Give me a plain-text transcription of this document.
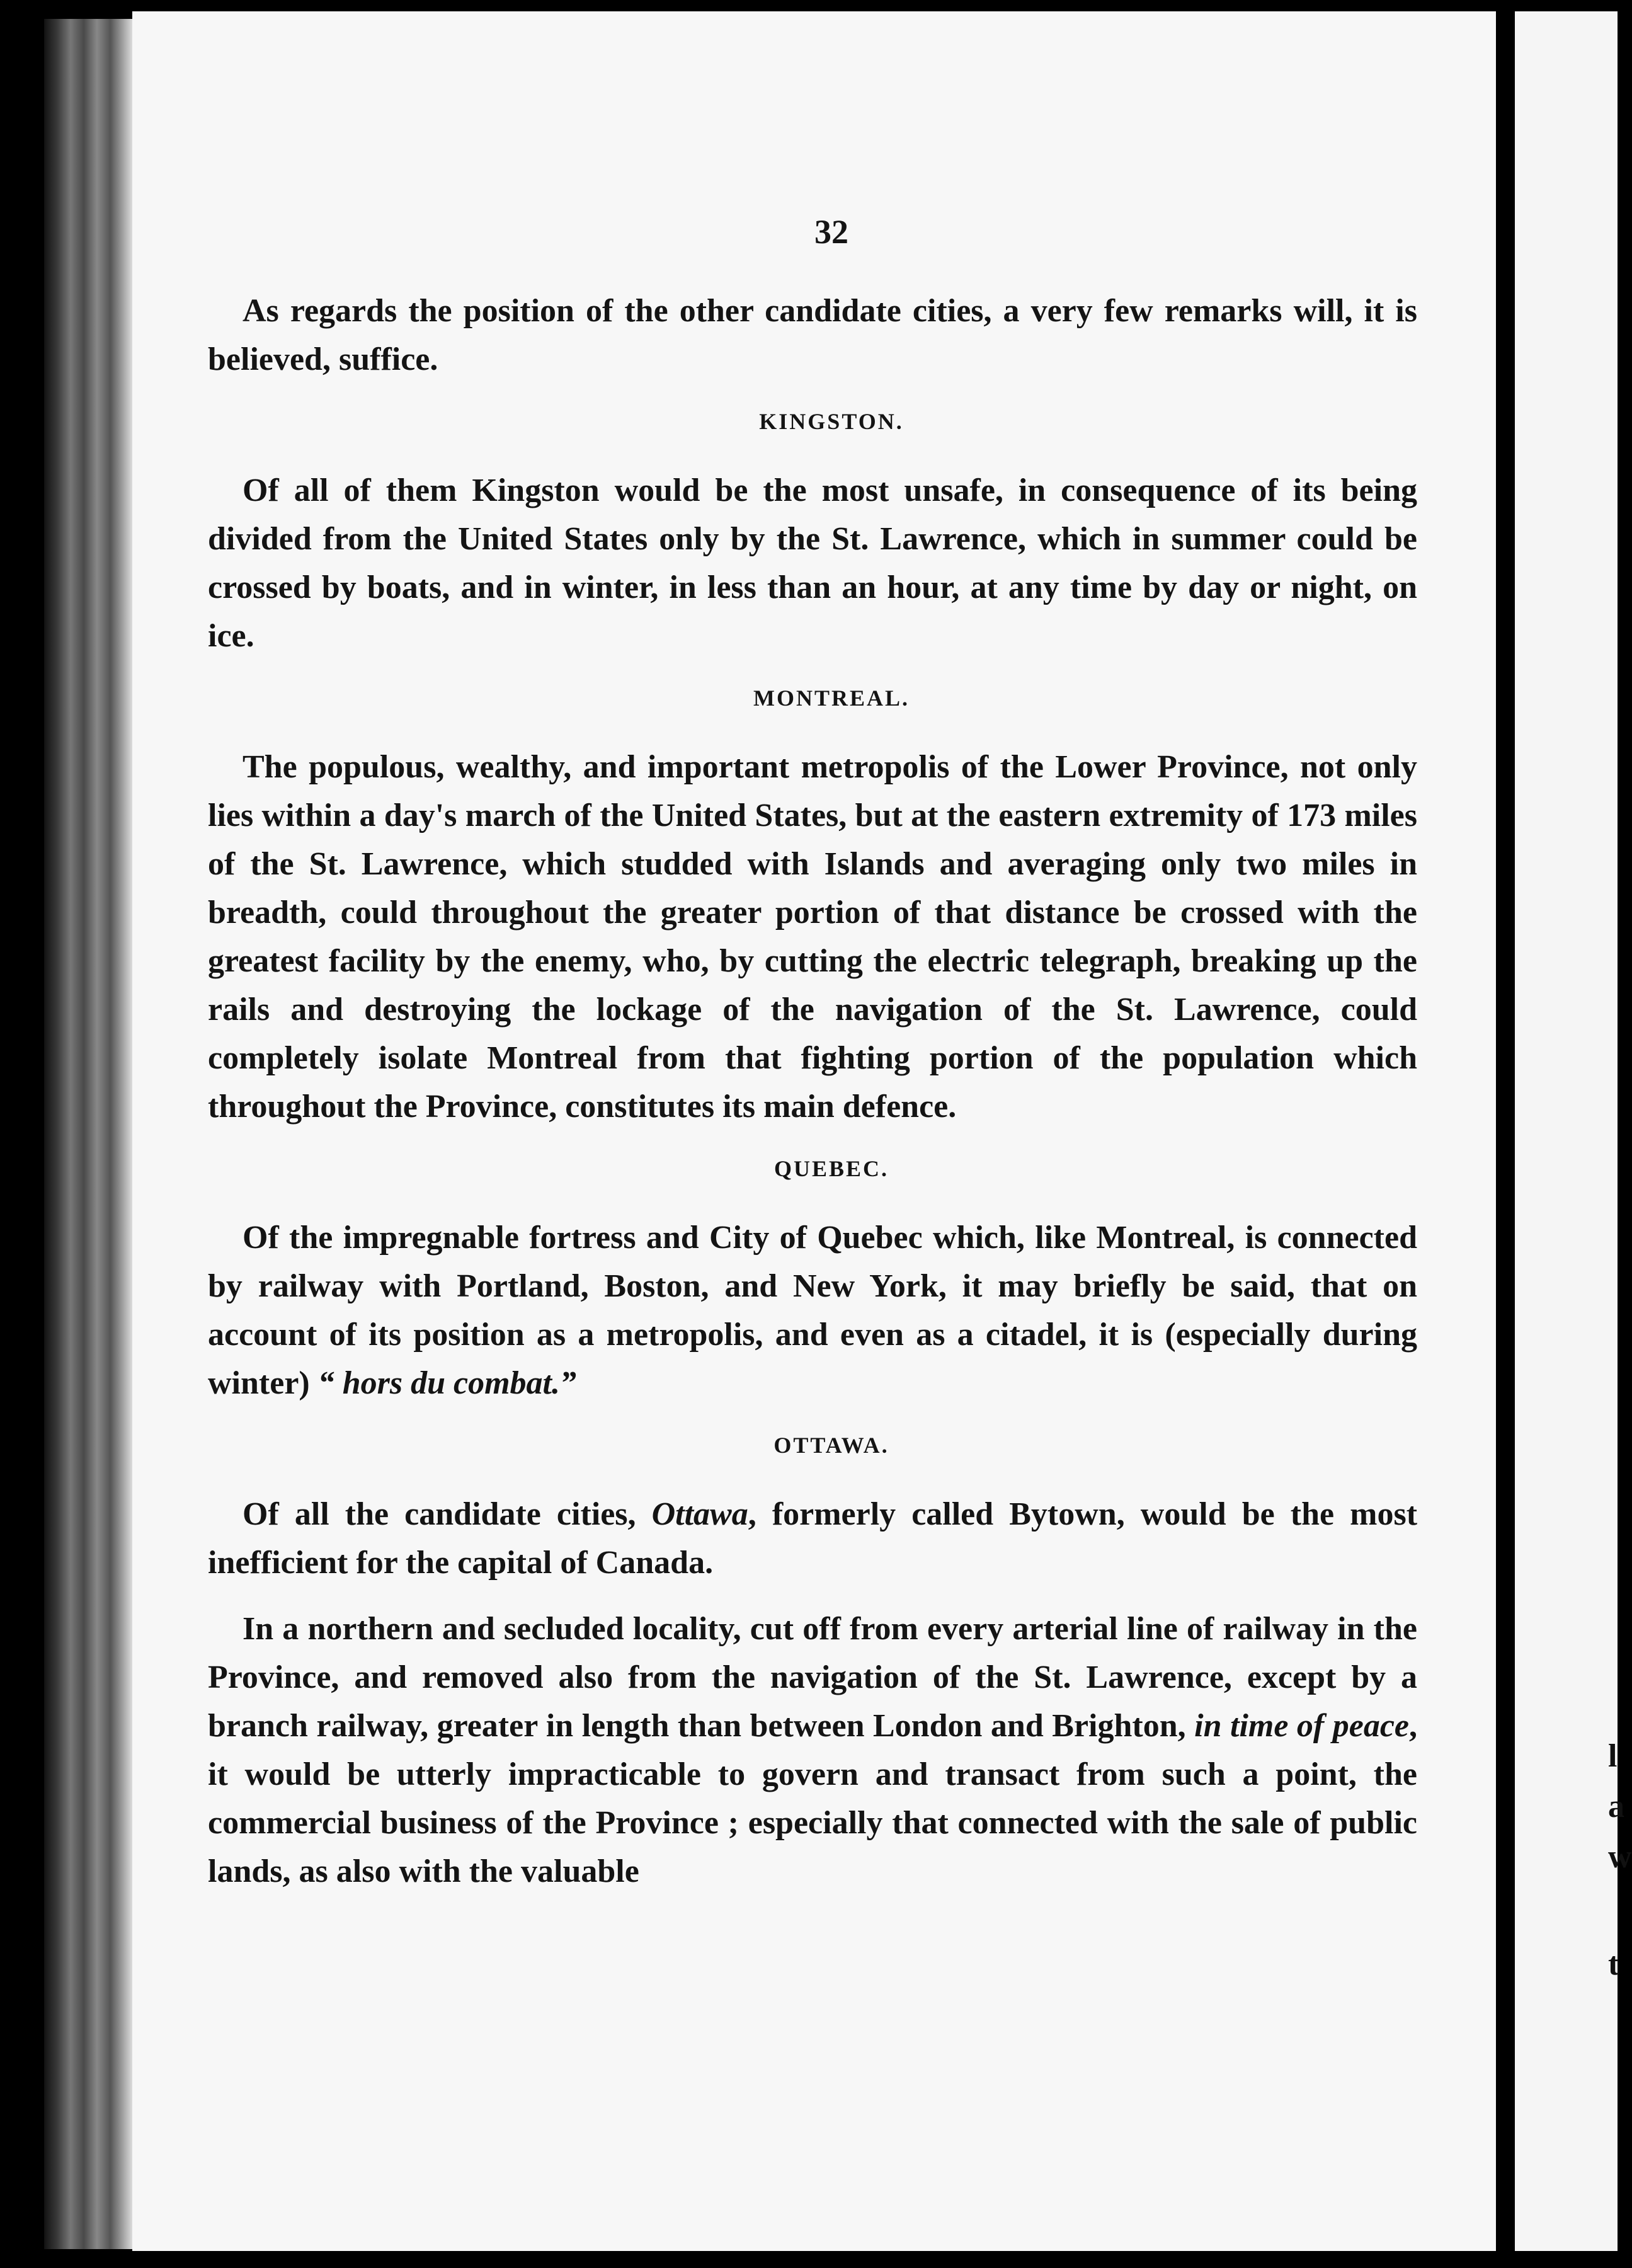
l
a
w
t
32

As regards the position of the other candidate cities, a very few remarks will, it is believed, suffice.

KINGSTON.

Of all of them Kingston would be the most unsafe, in consequence of its being divided from the United States only by the St. Lawrence, which in summer could be crossed by boats, and in winter, in less than an hour, at any time by day or night, on ice.

MONTREAL.

The populous, wealthy, and important metropolis of the Lower Province, not only lies within a day's march of the United States, but at the eastern extremity of 173 miles of the St. Lawrence, which studded with Islands and averaging only two miles in breadth, could throughout the greater portion of that distance be crossed with the greatest facility by the enemy, who, by cutting the electric telegraph, breaking up the rails and destroying the lockage of the navigation of the St. Lawrence, could completely isolate Montreal from that fighting portion of the population which throughout the Province, constitutes its main defence.

QUEBEC.

Of the impregnable fortress and City of Quebec which, like Montreal, is connected by railway with Portland, Boston, and New York, it may briefly be said, that on account of its position as a metropolis, and even as a citadel, it is (especially during winter) “ hors du combat.”

OTTAWA.

Of all the candidate cities, Ottawa, formerly called Bytown, would be the most inefficient for the capital of Canada.

In a northern and secluded locality, cut off from every arterial line of railway in the Province, and removed also from the navigation of the St. Lawrence, except by a branch railway, greater in length than between London and Brighton, in time of peace, it would be utterly impracticable to govern and transact from such a point, the commercial business of the Province ; especially that connected with the sale of public lands, as also with the valuable
